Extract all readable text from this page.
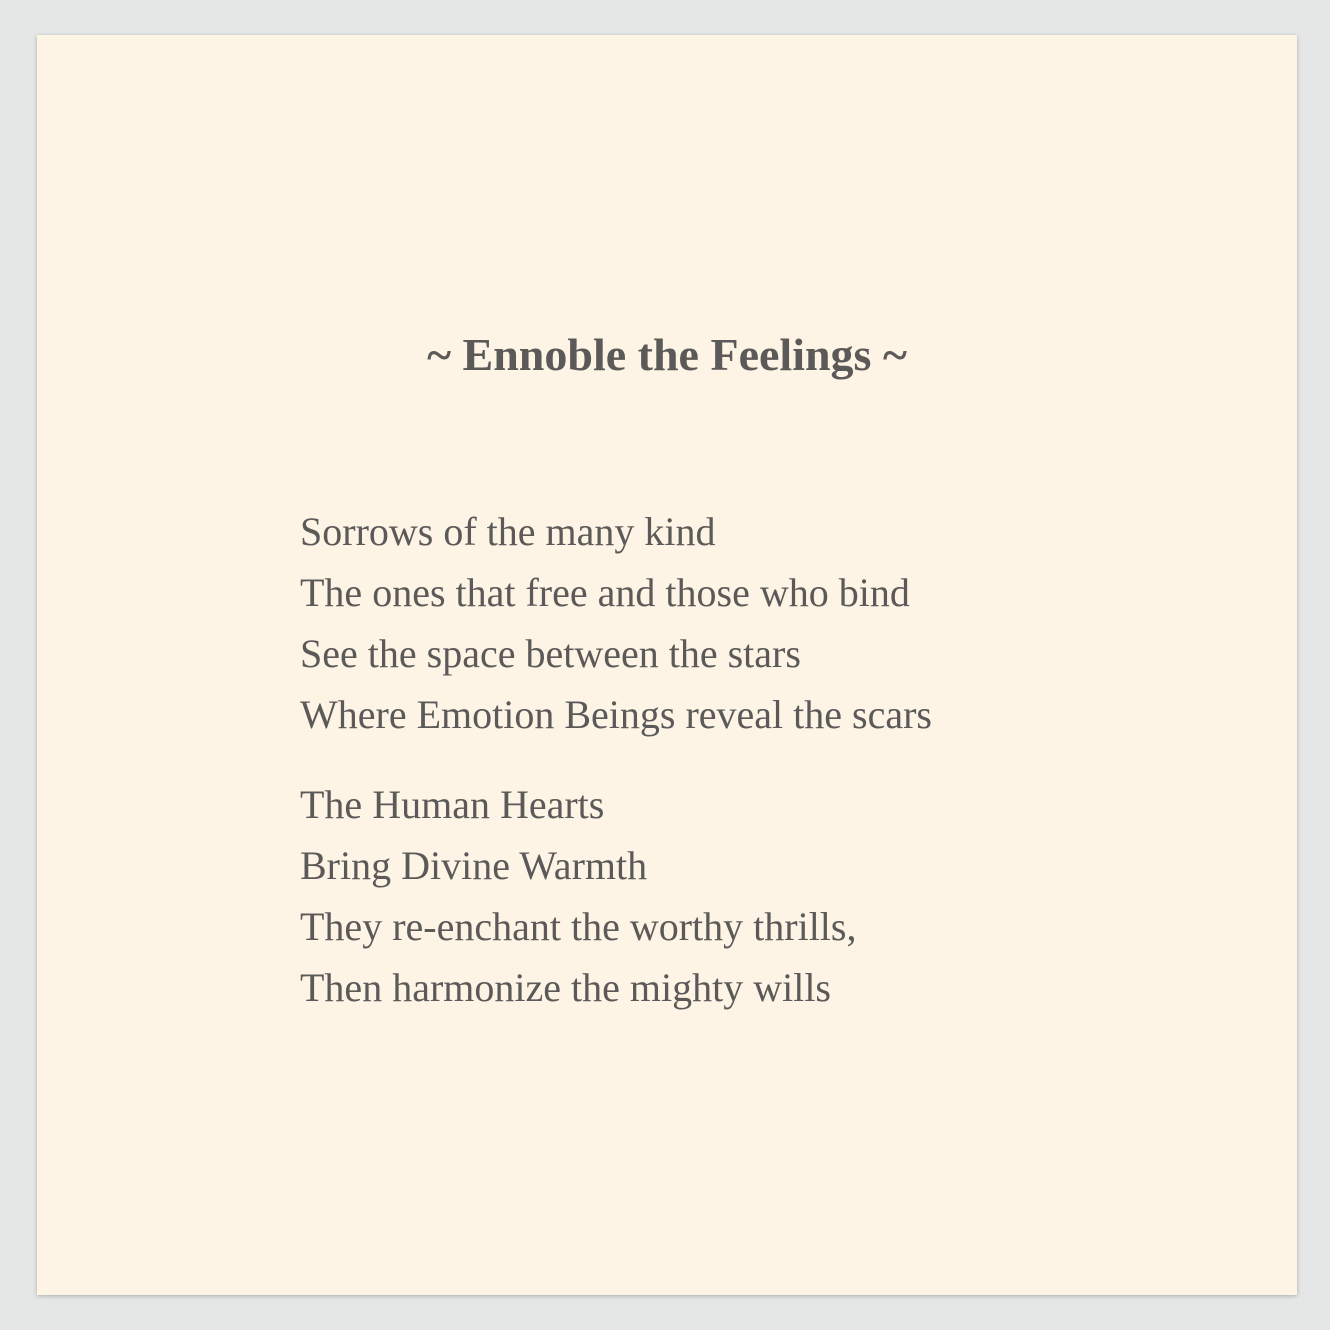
~ Ennoble the Feelings ~

Sorrows of the many kind
The ones that free and those who bind
See the space between the stars
Where Emotion Beings reveal the scars

The Human Hearts
Bring Divine Warmth
They re-enchant the worthy thrills,
Then harmonize the mighty wills
